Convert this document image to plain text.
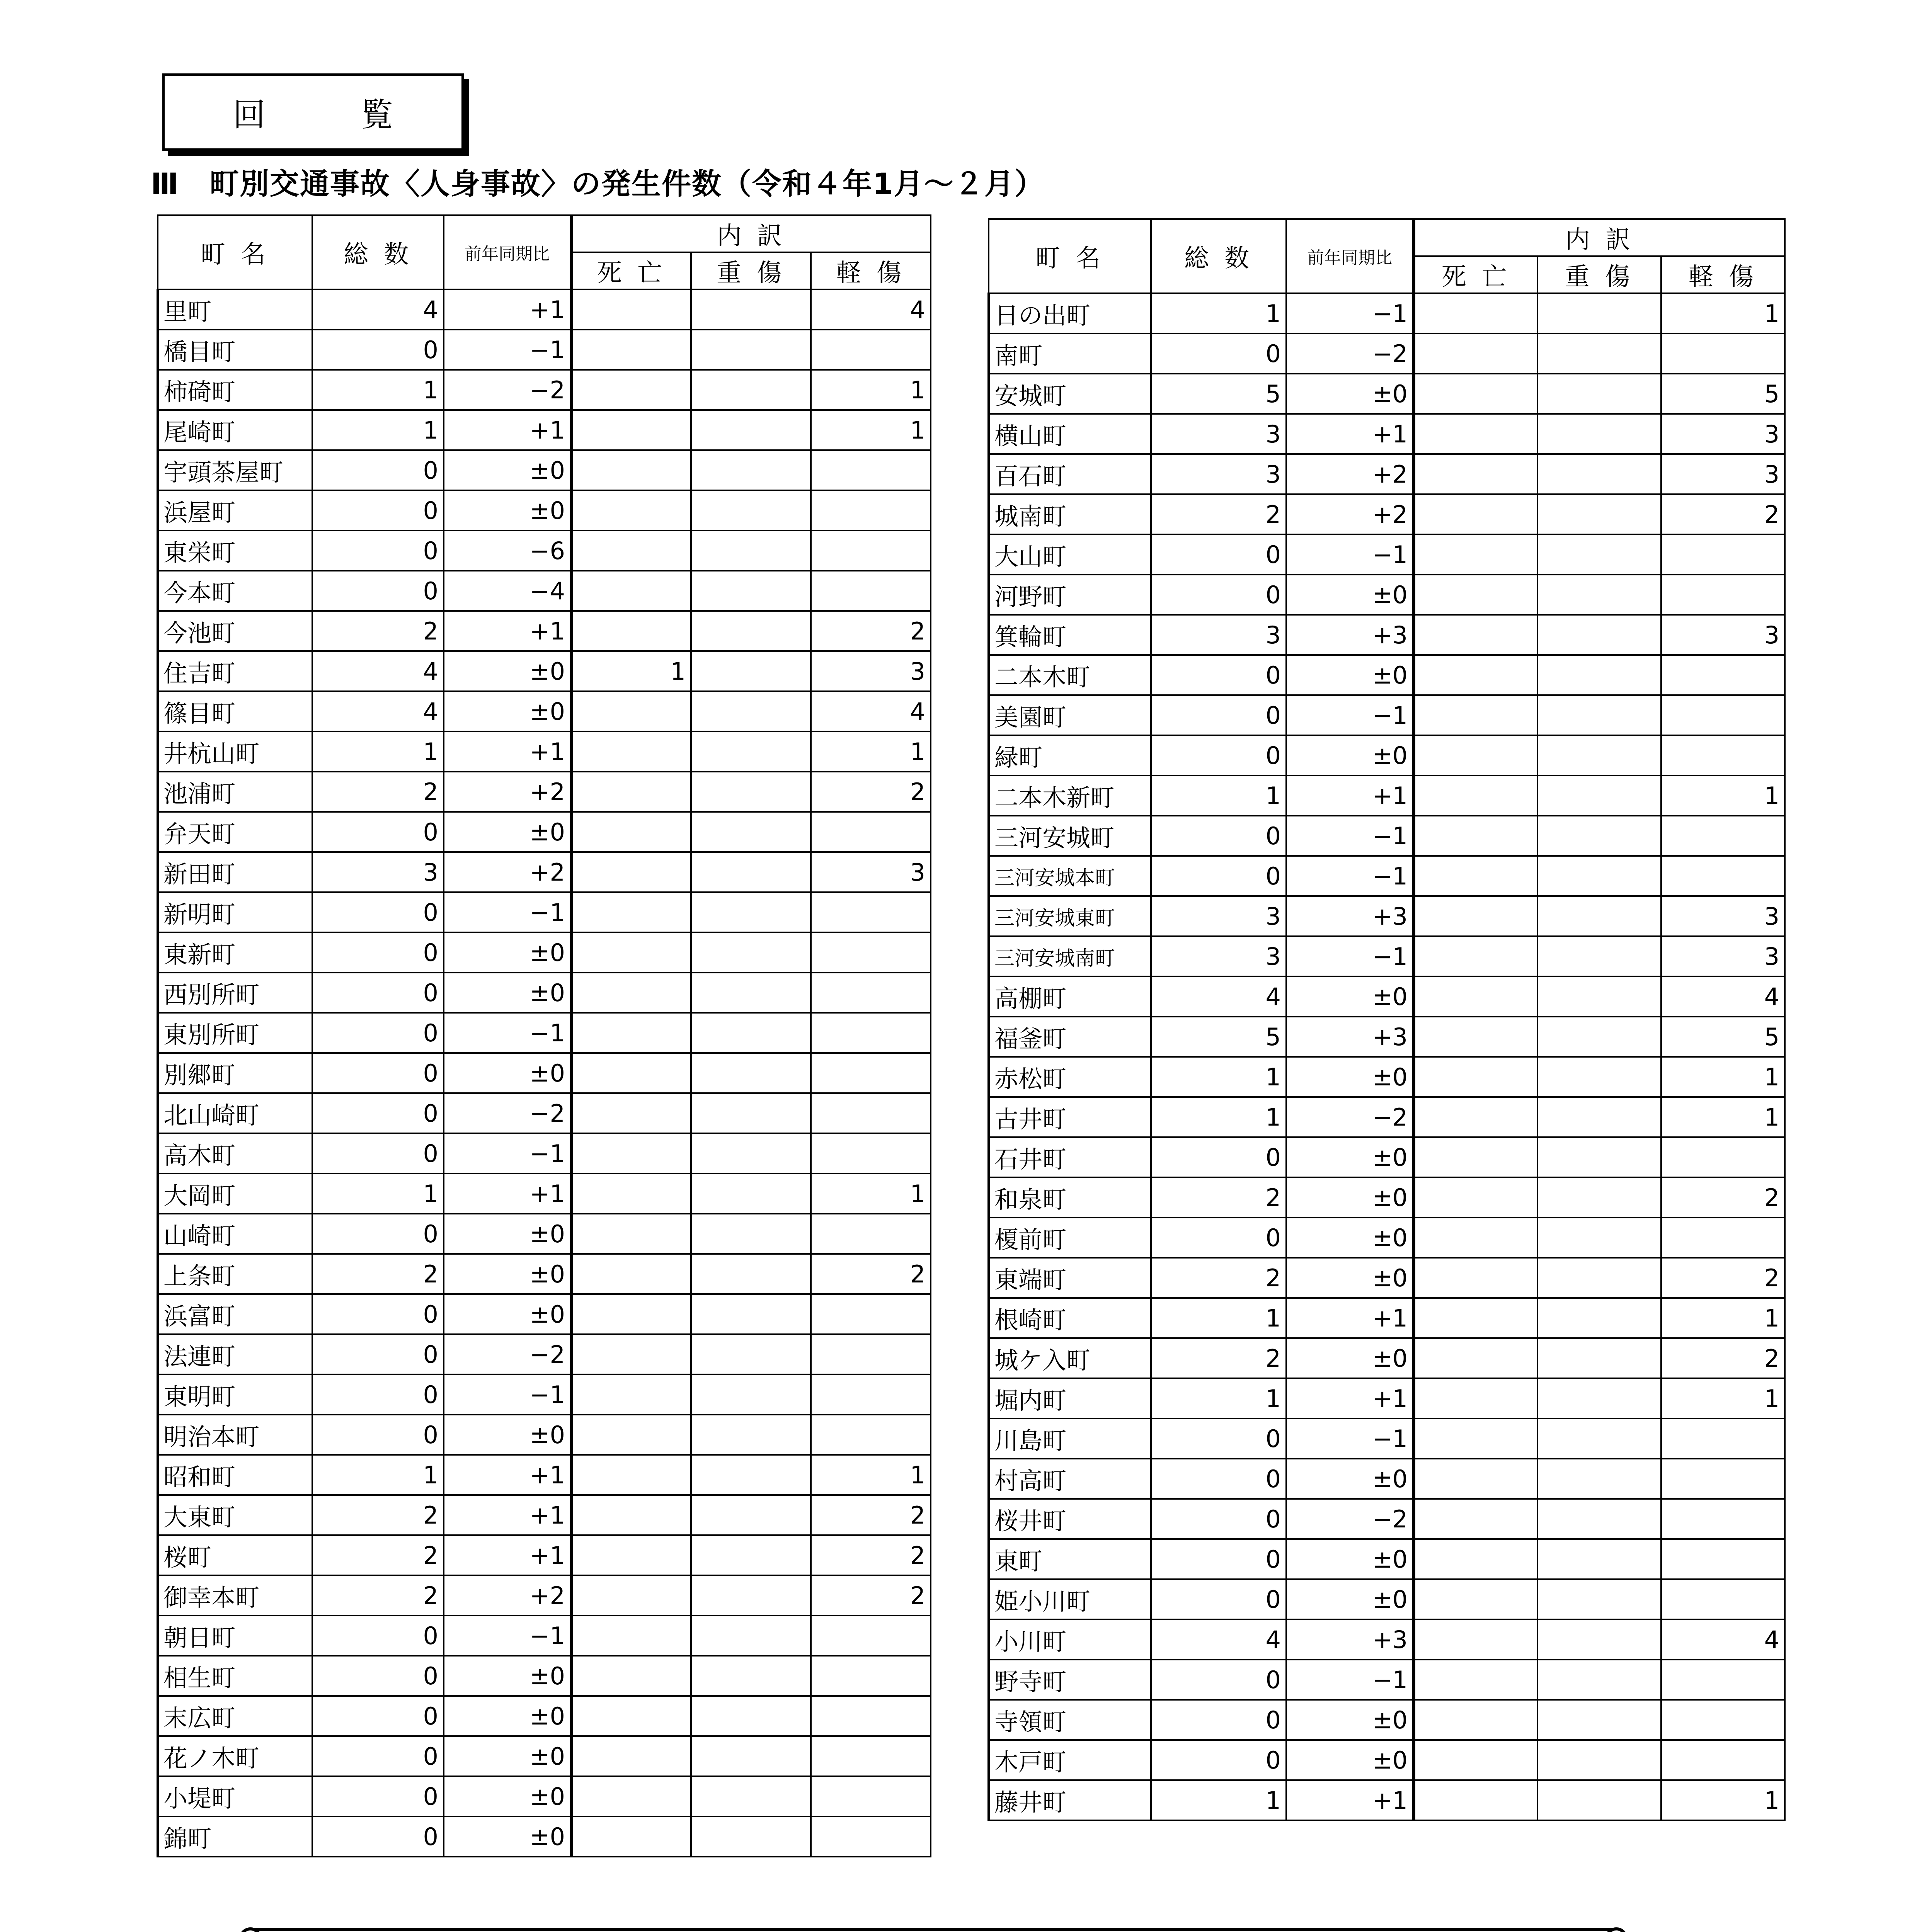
回 覧
Ⅲ　町別交通事故〈人身事故〉の発生件数（令和４年1月～２月）
町 名	総 数	前年同期比	内 訳		
			死 亡	重 傷	軽 傷
里町	4	+1			4
橋目町	0	−1			
柿碕町	1	−2			1
尾崎町	1	+1			1
宇頭茶屋町	0	±0			
浜屋町	0	±0			
東栄町	0	−6			
今本町	0	−4			
今池町	2	+1			2
住吉町	4	±0	1		3
篠目町	4	±0			4
井杭山町	1	+1			1
池浦町	2	+2			2
弁天町	0	±0			
新田町	3	+2			3
新明町	0	−1			
東新町	0	±0			
西別所町	0	±0			
東別所町	0	−1			
別郷町	0	±0			
北山崎町	0	−2			
高木町	0	−1			
大岡町	1	+1			1
山崎町	0	±0			
上条町	2	±0			2
浜富町	0	±0			
法連町	0	−2			
東明町	0	−1			
明治本町	0	±0			
昭和町	1	+1			1
大東町	2	+1			2
桜町	2	+1			2
御幸本町	2	+2			2
朝日町	0	−1			
相生町	0	±0			
末広町	0	±0			
花ノ木町	0	±0			
小堤町	0	±0			
錦町	0	±0			
町 名	総 数	前年同期比	内 訳		
			死 亡	重 傷	軽 傷
日の出町	1	−1			1
南町	0	−2			
安城町	5	±0			5
横山町	3	+1			3
百石町	3	+2			3
城南町	2	+2			2
大山町	0	−1			
河野町	0	±0			
箕輪町	3	+3			3
二本木町	0	±0			
美園町	0	−1			
緑町	0	±0			
二本木新町	1	+1			1
三河安城町	0	−1			
三河安城本町	0	−1			
三河安城東町	3	+3			3
三河安城南町	3	−1			3
高棚町	4	±0			4
福釜町	5	+3			5
赤松町	1	±0			1
古井町	1	−2			1
石井町	0	±0			
和泉町	2	±0			2
榎前町	0	±0			
東端町	2	±0			2
根崎町	1	+1			1
城ケ入町	2	±0			2
堀内町	1	+1			1
川島町	0	−1			
村高町	0	±0			
桜井町	0	−2			
東町	0	±0			
姫小川町	0	±0			
小川町	4	+3			4
野寺町	0	−1			
寺領町	0	±0			
木戸町	0	±0			
藤井町	1	+1			1
